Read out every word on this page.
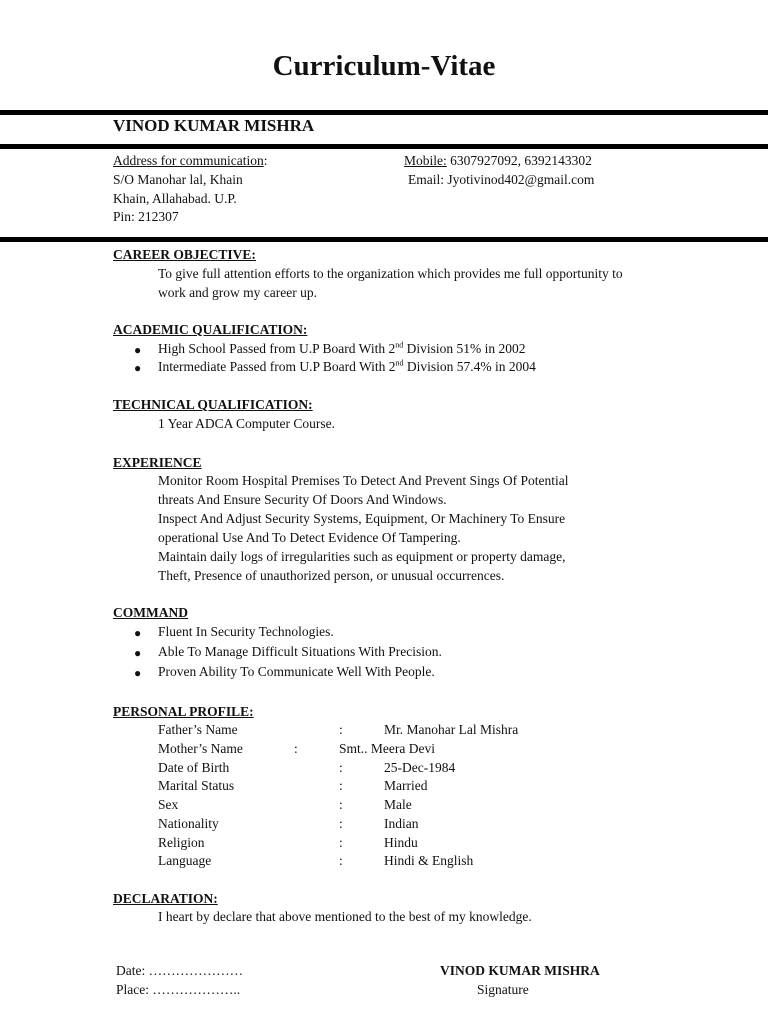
Curriculum-Vitae
VINOD KUMAR MISHRA
Address for communication:
S/O Manohar lal, Khain
Khain, Allahabad. U.P.
Pin: 212307
Mobile: 6307927092, 6392143302
Email: Jyotivinod402@gmail.com
CAREER OBJECTIVE:
To give full attention efforts to the organization which provides me full opportunity to
work and grow my career up.
ACADEMIC QUALIFICATION:
● High School Passed from U.P Board With 2nd Division 51% in 2002
● Intermediate Passed from U.P Board With 2nd Division 57.4% in 2004
TECHNICAL QUALIFICATION:
1 Year ADCA Computer Course.
EXPERIENCE
Monitor Room Hospital Premises To Detect And Prevent Sings Of Potential
threats And Ensure Security Of Doors And Windows.
Inspect And Adjust Security Systems, Equipment, Or Machinery To Ensure
operational Use And To Detect Evidence Of Tampering.
Maintain daily logs of irregularities such as equipment or property damage,
Theft, Presence of unauthorized person, or unusual occurrences.
COMMAND
● Fluent In Security Technologies.
● Able To Manage Difficult Situations With Precision.
● Proven Ability To Communicate Well With People.
PERSONAL PROFILE:
Father’s Name	:	Mr. Manohar Lal Mishra
Mother’s Name	:	Smt.. Meera Devi
Date of Birth	:	25-Dec-1984
Marital Status	:	Married
Sex	:	Male
Nationality	:	Indian
Religion	:	Hindu
Language	:	Hindi & English
DECLARATION:
I heart by declare that above mentioned to the best of my knowledge.
Date: …………………
Place: ………………..
VINOD KUMAR MISHRA
Signature
